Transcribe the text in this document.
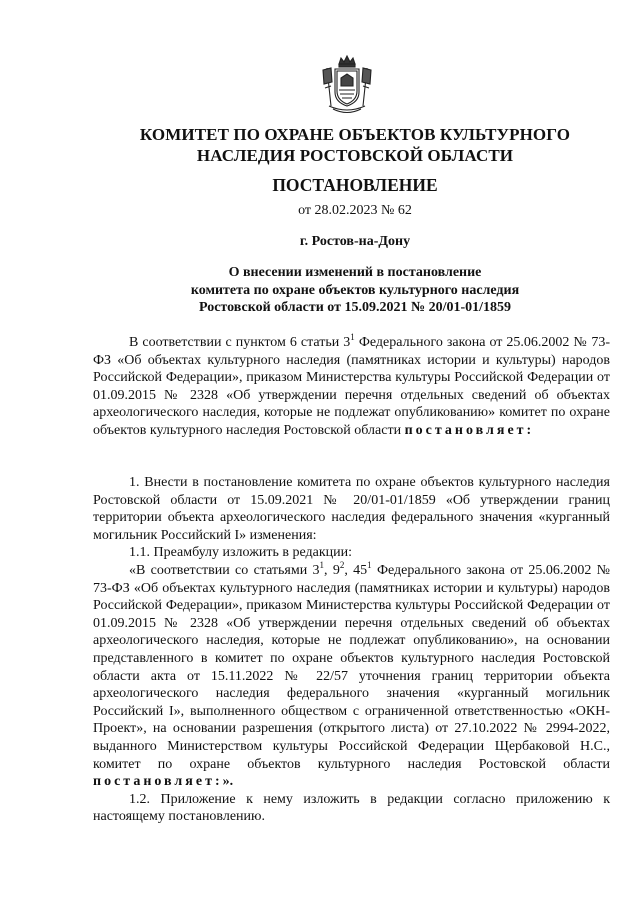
КОМИТЕТ ПО ОХРАНЕ ОБЪЕКТОВ КУЛЬТУРНОГО
НАСЛЕДИЯ РОСТОВСКОЙ ОБЛАСТИ
ПОСТАНОВЛЕНИЕ
от 28.02.2023 № 62
г. Ростов-на-Дону
О внесении изменений в постановление
комитета по охране объектов культурного наследия
Ростовской области от 15.09.2021 № 20/01-01/1859

В соответствии с пунктом 6 статьи $3^1$ Федерального закона от 25.06.2002 № 73-ФЗ «Об объектах культурного наследия (памятниках истории и культуры) народов Российской Федерации», приказом Министерства культуры Российской Федерации от 01.09.2015 № 2328 «Об утверждении перечня отдельных сведений об объектах археологического наследия, которые не подлежат опубликованию» комитет по охране объектов культурного наследия Ростовской области постановляет:

1. Внести в постановление комитета по охране объектов культурного наследия Ростовской области от 15.09.2021 № 20/01-01/1859 «Об утверждении границ территории объекта археологического наследия федерального значения «курганный могильник Российский I» изменения:

1.1. Преамбулу изложить в редакции:

«В соответствии со статьями $3^1$, $9^2$, $45^1$ Федерального закона от 25.06.2002 № 73-ФЗ «Об объектах культурного наследия (памятниках истории и культуры) народов Российской Федерации», приказом Министерства культуры Российской Федерации от 01.09.2015 № 2328 «Об утверждении перечня отдельных сведений об объектах археологического наследия, которые не подлежат опубликованию», на основании представленного в комитет по охране объектов культурного наследия Ростовской области акта от 15.11.2022 № 22/57 уточнения границ территории объекта археологического наследия федерального значения «курганный могильник Российский I», выполненного обществом с ограниченной ответственностью «ОКН-Проект», на основании разрешения (открытого листа) от 27.10.2022 № 2994-2022, выданного Министерством культуры Российской Федерации Щербаковой Н.С., комитет по охране объектов культурного наследия Ростовской области постановляет:».

1.2. Приложение к нему изложить в редакции согласно приложению к настоящему постановлению.
